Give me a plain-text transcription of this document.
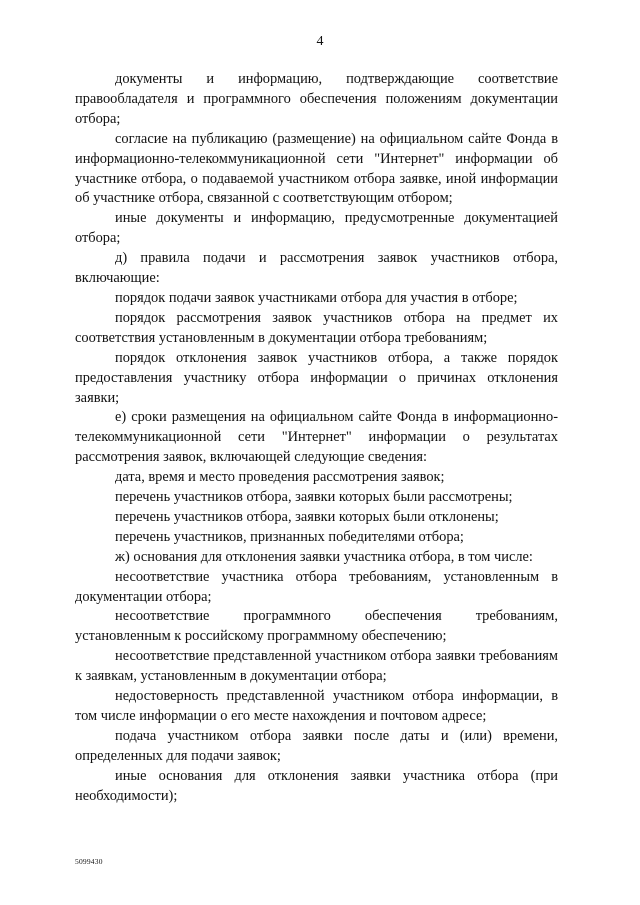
4

документы и информацию, подтверждающие соответствие правообладателя и программного обеспечения положениям документации отбора;

согласие на публикацию (размещение) на официальном сайте Фонда в информационно-телекоммуникационной сети "Интернет" информации об участнике отбора, о подаваемой участником отбора заявке, иной информации об участнике отбора, связанной с соответствующим отбором;

иные документы и информацию, предусмотренные документацией отбора;

д) правила подачи и рассмотрения заявок участников отбора, включающие:

порядок подачи заявок участниками отбора для участия в отборе;

порядок рассмотрения заявок участников отбора на предмет их соответствия установленным в документации отбора требованиям;

порядок отклонения заявок участников отбора, а также порядок предоставления участнику отбора информации о причинах отклонения заявки;

е) сроки размещения на официальном сайте Фонда в информационно-телекоммуникационной сети "Интернет" информации о результатах рассмотрения заявок, включающей следующие сведения:

дата, время и место проведения рассмотрения заявок;

перечень участников отбора, заявки которых были рассмотрены;

перечень участников отбора, заявки которых были отклонены;

перечень участников, признанных победителями отбора;

ж) основания для отклонения заявки участника отбора, в том числе:

несоответствие участника отбора требованиям, установленным в документации отбора;

несоответствие программного обеспечения требованиям, установленным к российскому программному обеспечению;

несоответствие представленной участником отбора заявки требованиям к заявкам, установленным в документации отбора;

недостоверность представленной участником отбора информации, в том числе информации о его месте нахождения и почтовом адресе;

подача участником отбора заявки после даты и (или) времени, определенных для подачи заявок;

иные основания для отклонения заявки участника отбора (при необходимости);

5099430
